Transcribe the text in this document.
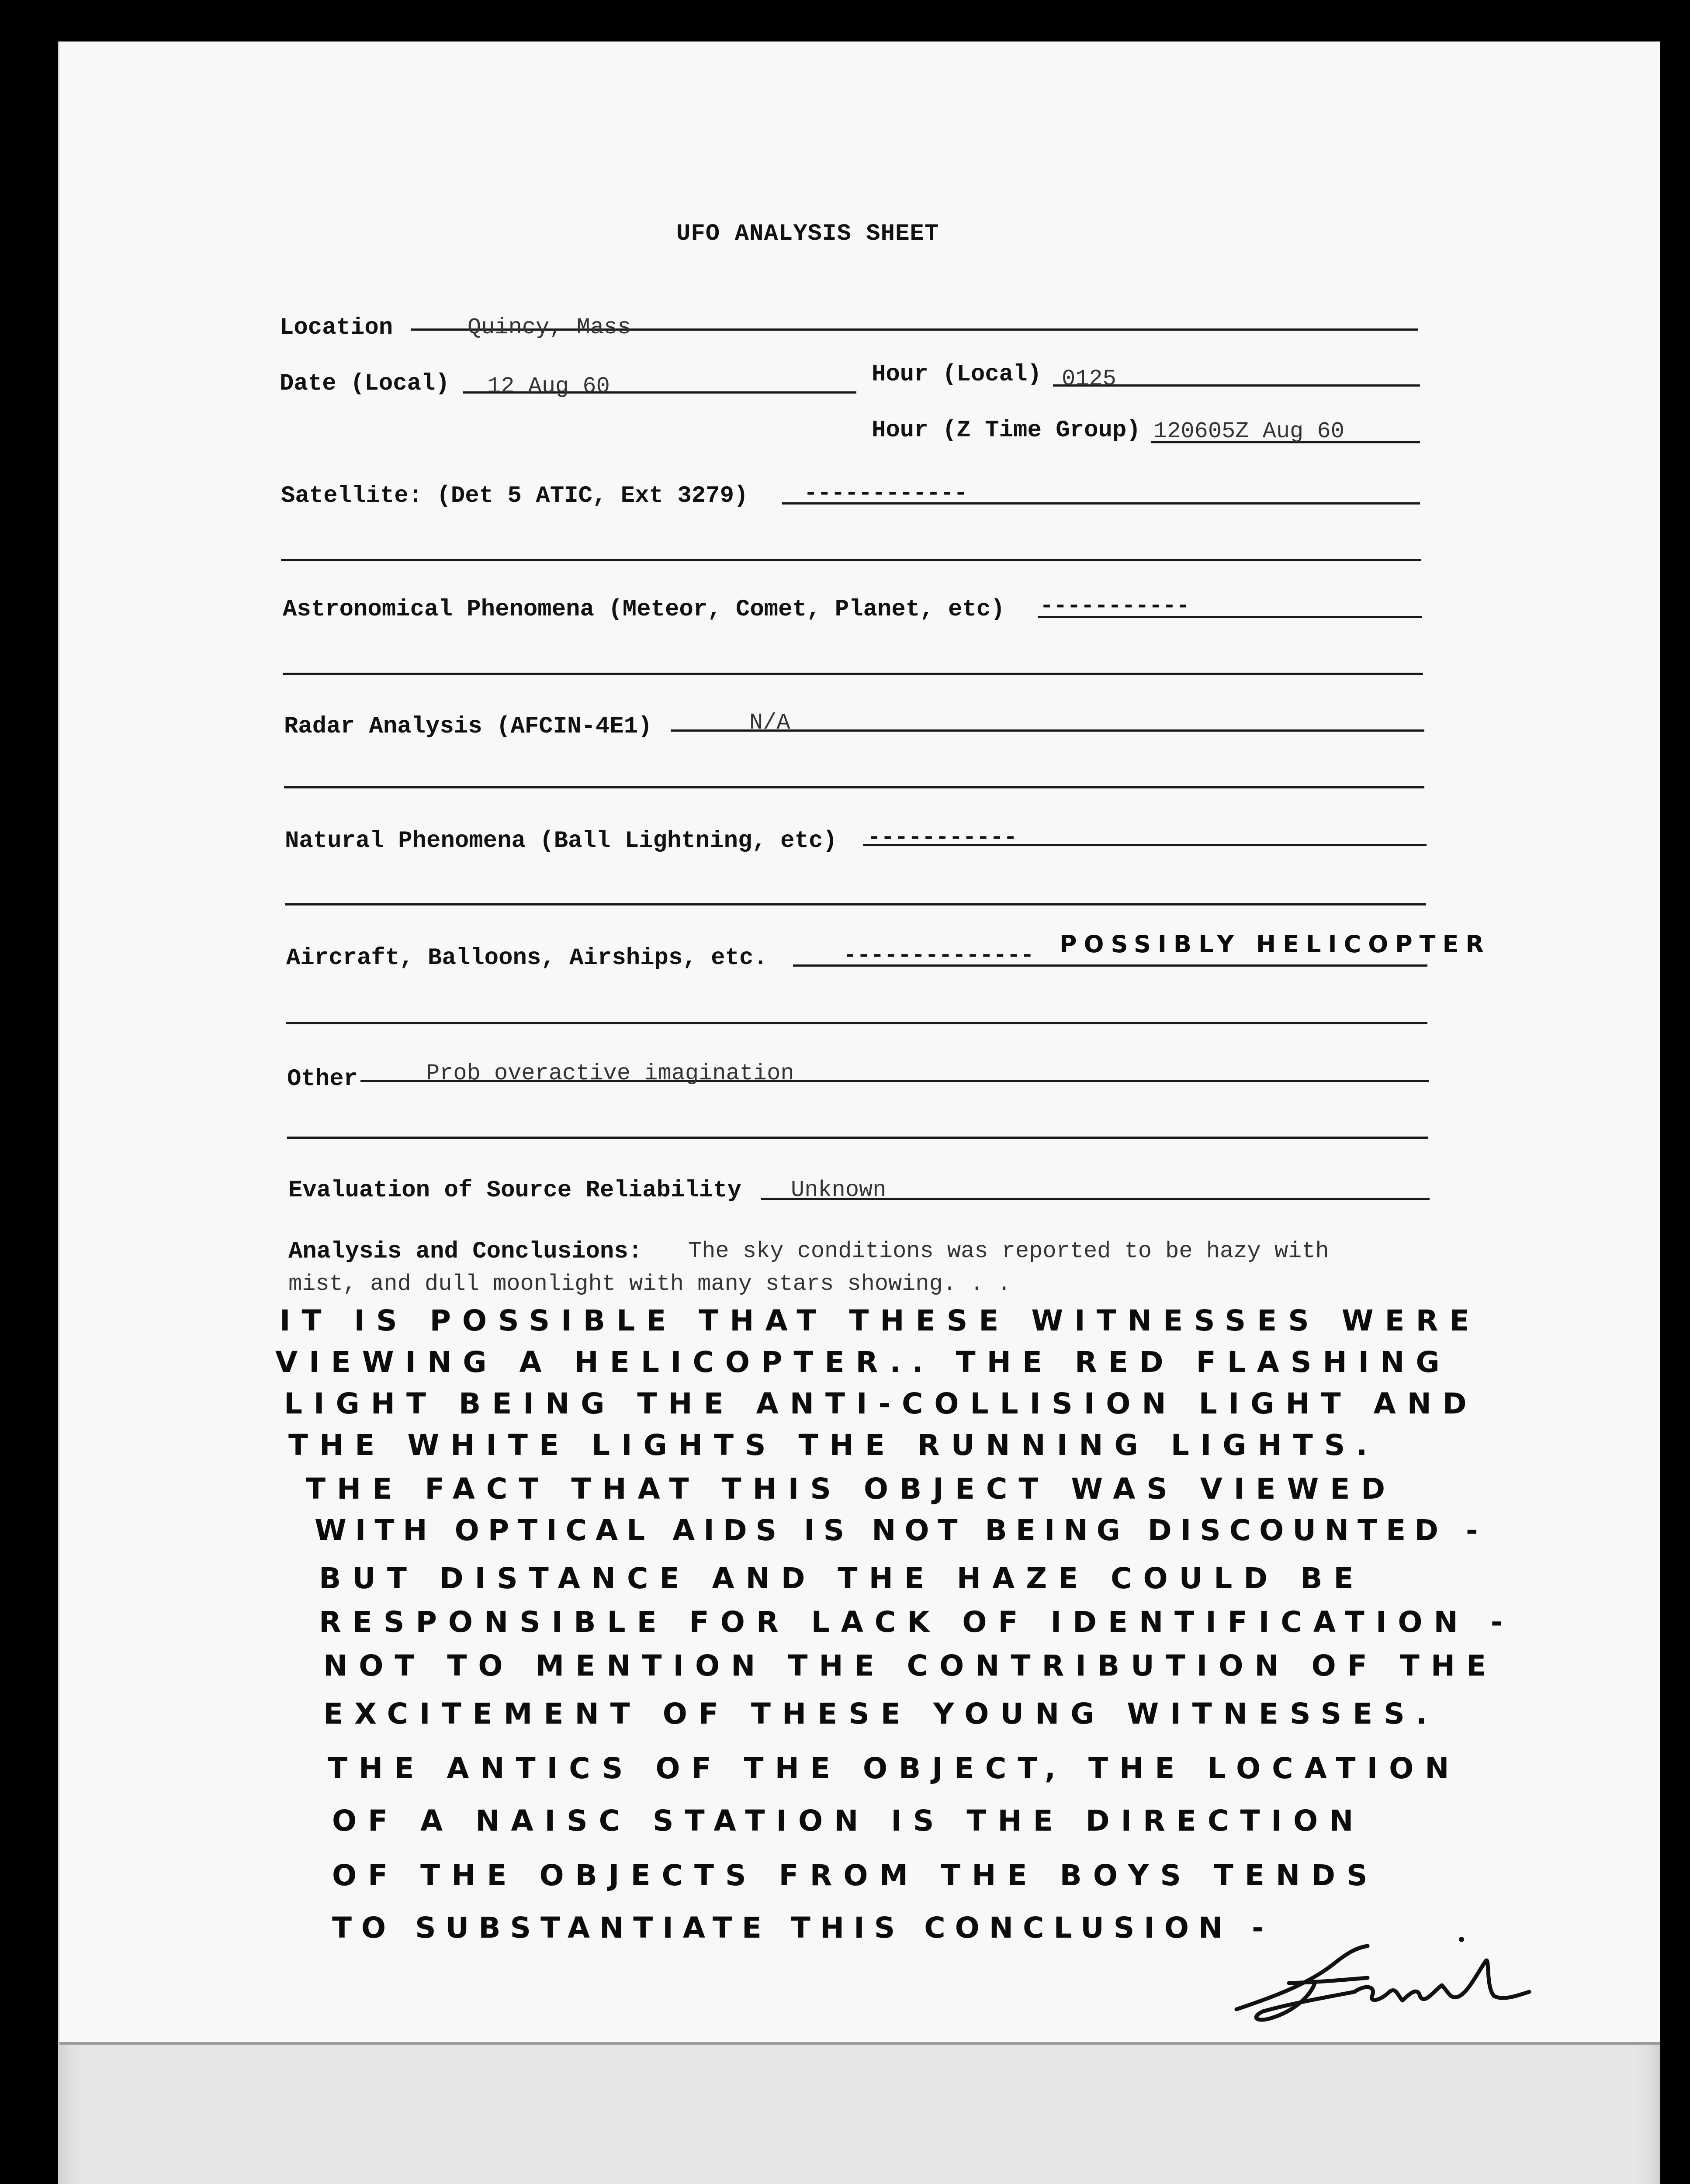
UFO ANALYSIS SHEET
Location	Quincy, Mass
Date (Local) 12 Aug 60	Hour (Local) 0125
Hour (Z Time Group) 120605Z Aug 60
Satellite: (Det 5 ATIC, Ext 3279) ------------
Astronomical Phenomena (Meteor, Comet, Planet, etc) -----------
Radar Analysis (AFCIN-4E1)	N/A
Natural Phenomena (Ball Lightning, etc) -----------
Aircraft, Balloons, Airships, etc.	-------------- POSSIBLY HELICOPTER
Other	Prob overactive imagination
Evaluation of Source Reliability Unknown
Analysis and Conclusions: The sky conditions was reported to be hazy with
mist, and dull moonlight with many stars showing. . .
IT IS POSSIBLE THAT THESE WITNESSES WERE
VIEWING A HELICOPTER.. THE RED FLASHING
LIGHT BEING THE ANTI-COLLISION LIGHT AND
THE WHITE LIGHTS THE RUNNING LIGHTS.
THE FACT THAT THIS OBJECT WAS VIEWED
WITH OPTICAL AIDS IS NOT BEING DISCOUNTED -
BUT DISTANCE AND THE HAZE COULD BE
RESPONSIBLE FOR LACK OF IDENTIFICATION -
NOT TO MENTION THE CONTRIBUTION OF THE
EXCITEMENT OF THESE YOUNG WITNESSES.
THE ANTICS OF THE OBJECT, THE LOCATION
OF A NAISC STATION IS THE DIRECTION
OF THE OBJECTS FROM THE BOYS TENDS
TO SUBSTANTIATE THIS CONCLUSION -
